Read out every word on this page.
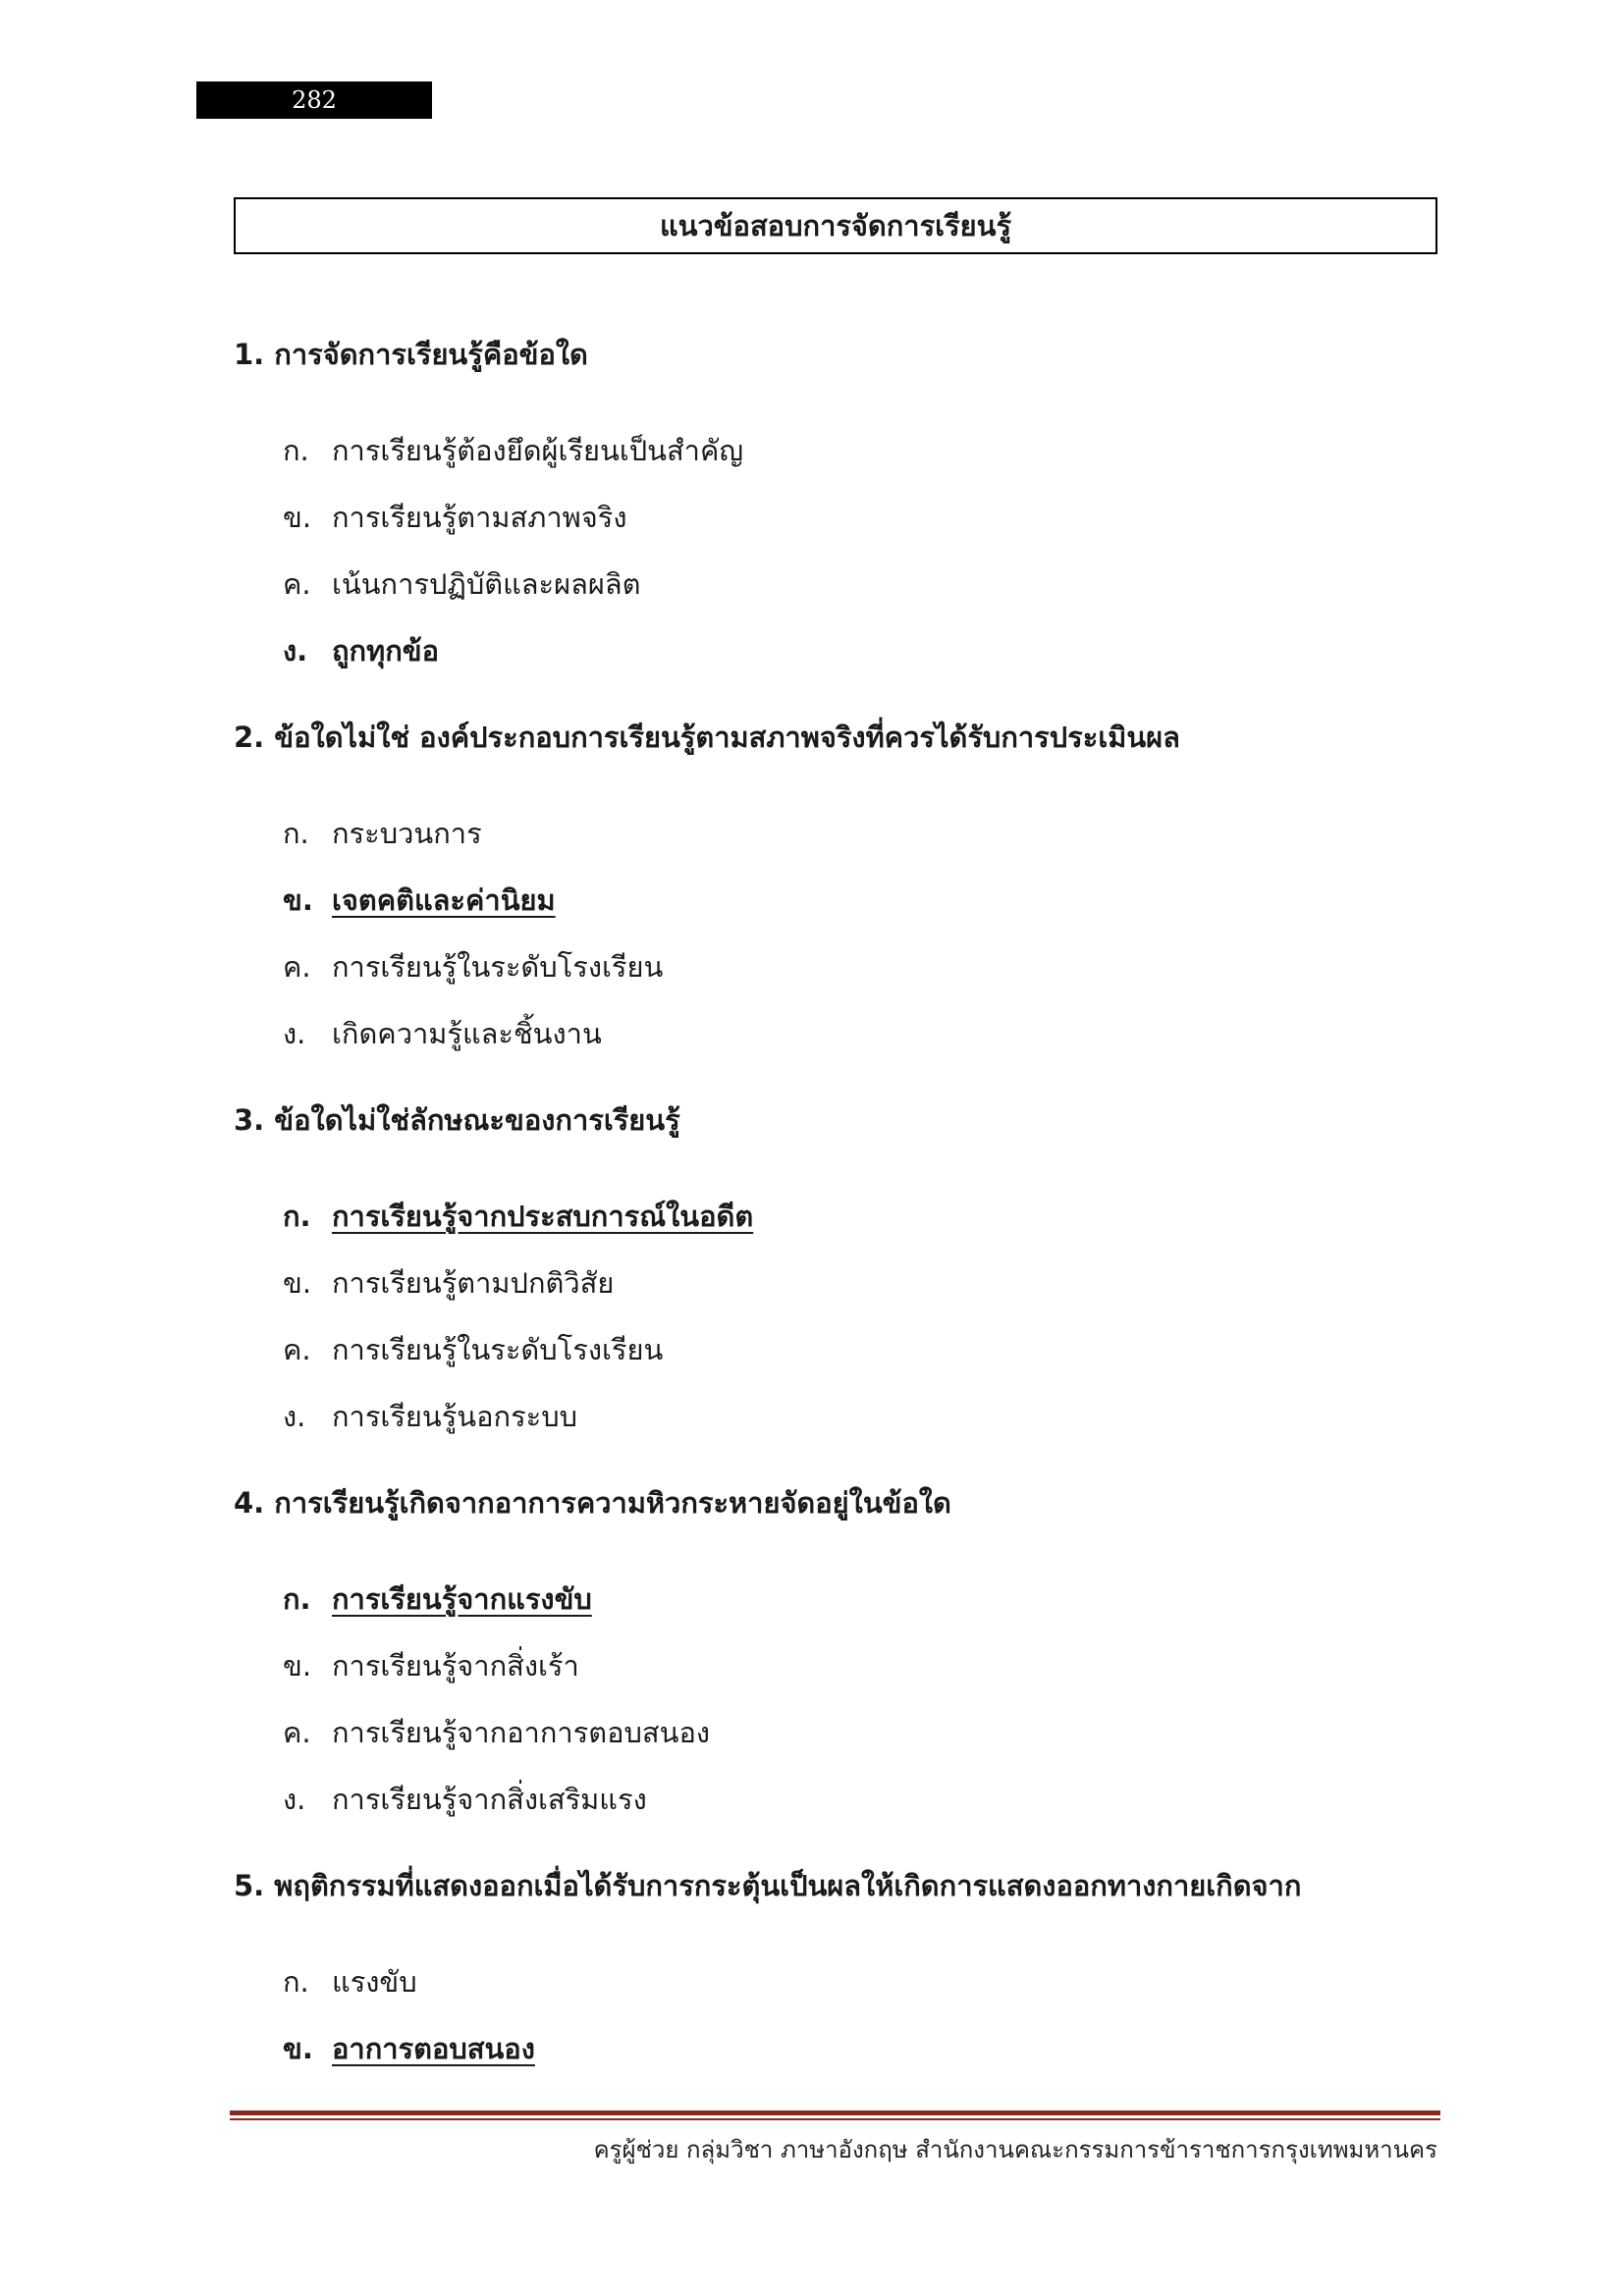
282
แนวข้อสอบการจัดการเรียนรู้
1. การจัดการเรียนรู้คือข้อใด
ก. การเรียนรู้ต้องยึดผู้เรียนเป็นสำคัญ
ข. การเรียนรู้ตามสภาพจริง
ค. เน้นการปฏิบัติและผลผลิต
ง. ถูกทุกข้อ
2. ข้อใดไม่ใช่ องค์ประกอบการเรียนรู้ตามสภาพจริงที่ควรได้รับการประเมินผล
ก. กระบวนการ
ข. เจตคติและค่านิยม
ค. การเรียนรู้ในระดับโรงเรียน
ง. เกิดความรู้และชิ้นงาน
3. ข้อใดไม่ใช่ลักษณะของการเรียนรู้
ก. การเรียนรู้จากประสบการณ์ในอดีต
ข. การเรียนรู้ตามปกติวิสัย
ค. การเรียนรู้ในระดับโรงเรียน
ง. การเรียนรู้นอกระบบ
4. การเรียนรู้เกิดจากอาการความหิวกระหายจัดอยู่ในข้อใด
ก. การเรียนรู้จากแรงขับ
ข. การเรียนรู้จากสิ่งเร้า
ค. การเรียนรู้จากอาการตอบสนอง
ง. การเรียนรู้จากสิ่งเสริมแรง
5. พฤติกรรมที่แสดงออกเมื่อได้รับการกระตุ้นเป็นผลให้เกิดการแสดงออกทางกายเกิดจาก
ก. แรงขับ
ข. อาการตอบสนอง
ครูผู้ช่วย กลุ่มวิชา ภาษาอังกฤษ สำนักงานคณะกรรมการข้าราชการกรุงเทพมหานคร
